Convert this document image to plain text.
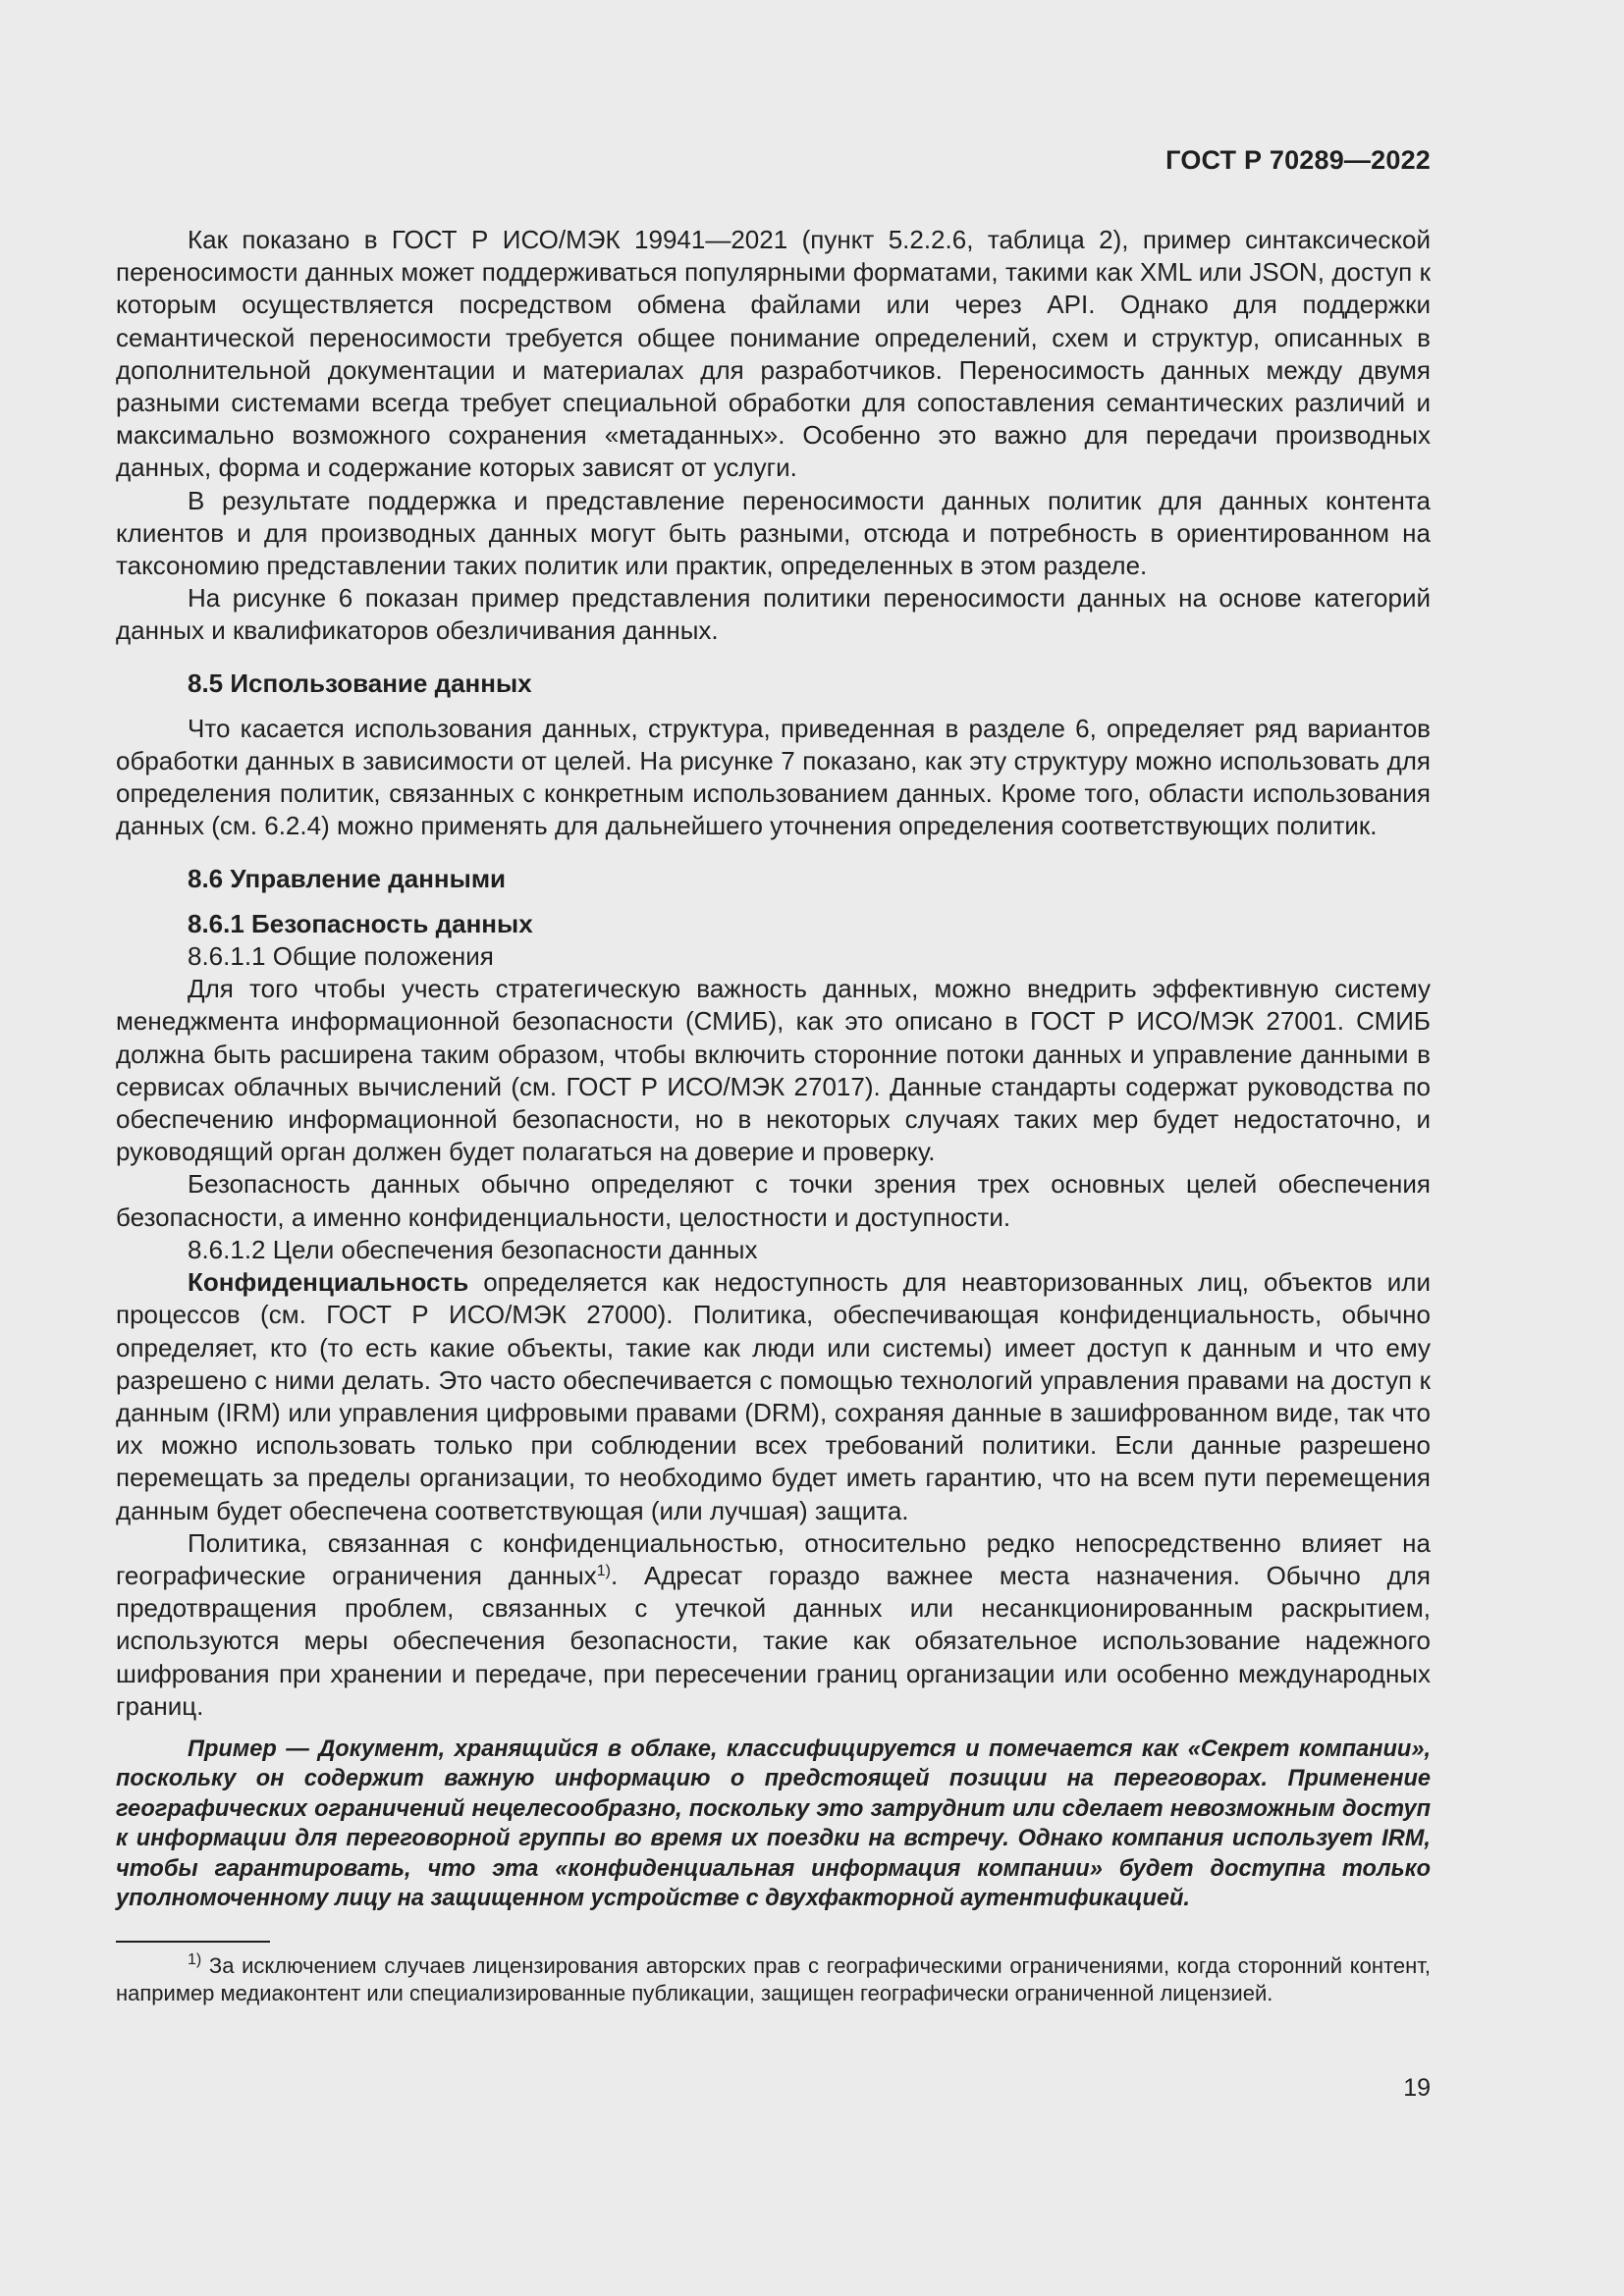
ГОСТ Р 70289—2022

Как показано в ГОСТ Р ИСО/МЭК 19941—2021 (пункт 5.2.2.6, таблица 2), пример синтаксической переносимости данных может поддерживаться популярными форматами, такими как XML или JSON, доступ к которым осуществляется посредством обмена файлами или через API. Однако для поддержки семантической переносимости требуется общее понимание определений, схем и структур, описанных в дополнительной документации и материалах для разработчиков. Переносимость данных между двумя разными системами всегда требует специальной обработки для сопоставления семантических различий и максимально возможного сохранения «метаданных». Особенно это важно для передачи производных данных, форма и содержание которых зависят от услуги.

В результате поддержка и представление переносимости данных политик для данных контента клиентов и для производных данных могут быть разными, отсюда и потребность в ориентированном на таксономию представлении таких политик или практик, определенных в этом разделе.

На рисунке 6 показан пример представления политики переносимости данных на основе категорий данных и квалификаторов обезличивания данных.

8.5 Использование данных

Что касается использования данных, структура, приведенная в разделе 6, определяет ряд вариантов обработки данных в зависимости от целей. На рисунке 7 показано, как эту структуру можно использовать для определения политик, связанных с конкретным использованием данных. Кроме того, области использования данных (см. 6.2.4) можно применять для дальнейшего уточнения определения соответствующих политик.

8.6 Управление данными
8.6.1 Безопасность данных
8.6.1.1 Общие положения

Для того чтобы учесть стратегическую важность данных, можно внедрить эффективную систему менеджмента информационной безопасности (СМИБ), как это описано в ГОСТ Р ИСО/МЭК 27001. СМИБ должна быть расширена таким образом, чтобы включить сторонние потоки данных и управление данными в сервисах облачных вычислений (см. ГОСТ Р ИСО/МЭК 27017). Данные стандарты содержат руководства по обеспечению информационной безопасности, но в некоторых случаях таких мер будет недостаточно, и руководящий орган должен будет полагаться на доверие и проверку.

Безопасность данных обычно определяют с точки зрения трех основных целей обеспечения безопасности, а именно конфиденциальности, целостности и доступности.

8.6.1.2 Цели обеспечения безопасности данных

Конфиденциальность определяется как недоступность для неавторизованных лиц, объектов или процессов (см. ГОСТ Р ИСО/МЭК 27000). Политика, обеспечивающая конфиденциальность, обычно определяет, кто (то есть какие объекты, такие как люди или системы) имеет доступ к данным и что ему разрешено с ними делать. Это часто обеспечивается с помощью технологий управления правами на доступ к данным (IRM) или управления цифровыми правами (DRM), сохраняя данные в зашифрованном виде, так что их можно использовать только при соблюдении всех требований политики. Если данные разрешено перемещать за пределы организации, то необходимо будет иметь гарантию, что на всем пути перемещения данным будет обеспечена соответствующая (или лучшая) защита.

Политика, связанная с конфиденциальностью, относительно редко непосредственно влияет на географические ограничения данных$^{1)}$. Адресат гораздо важнее места назначения. Обычно для предотвращения проблем, связанных с утечкой данных или несанкционированным раскрытием, используются меры обеспечения безопасности, такие как обязательное использование надежного шифрования при хранении и передаче, при пересечении границ организации или особенно международных границ.

Пример — Документ, хранящийся в облаке, классифицируется и помечается как «Секрет компании», поскольку он содержит важную информацию о предстоящей позиции на переговорах. Применение географических ограничений нецелесообразно, поскольку это затруднит или сделает невозможным доступ к информации для переговорной группы во время их поездки на встречу. Однако компания использует IRM, чтобы гарантировать, что эта «конфиденциальная информация компании» будет доступна только уполномоченному лицу на защищенном устройстве с двухфакторной аутентификацией.
$^{1)}$ За исключением случаев лицензирования авторских прав с географическими ограничениями, когда сторонний контент, например медиаконтент или специализированные публикации, защищен географически ограниченной лицензией.
19
